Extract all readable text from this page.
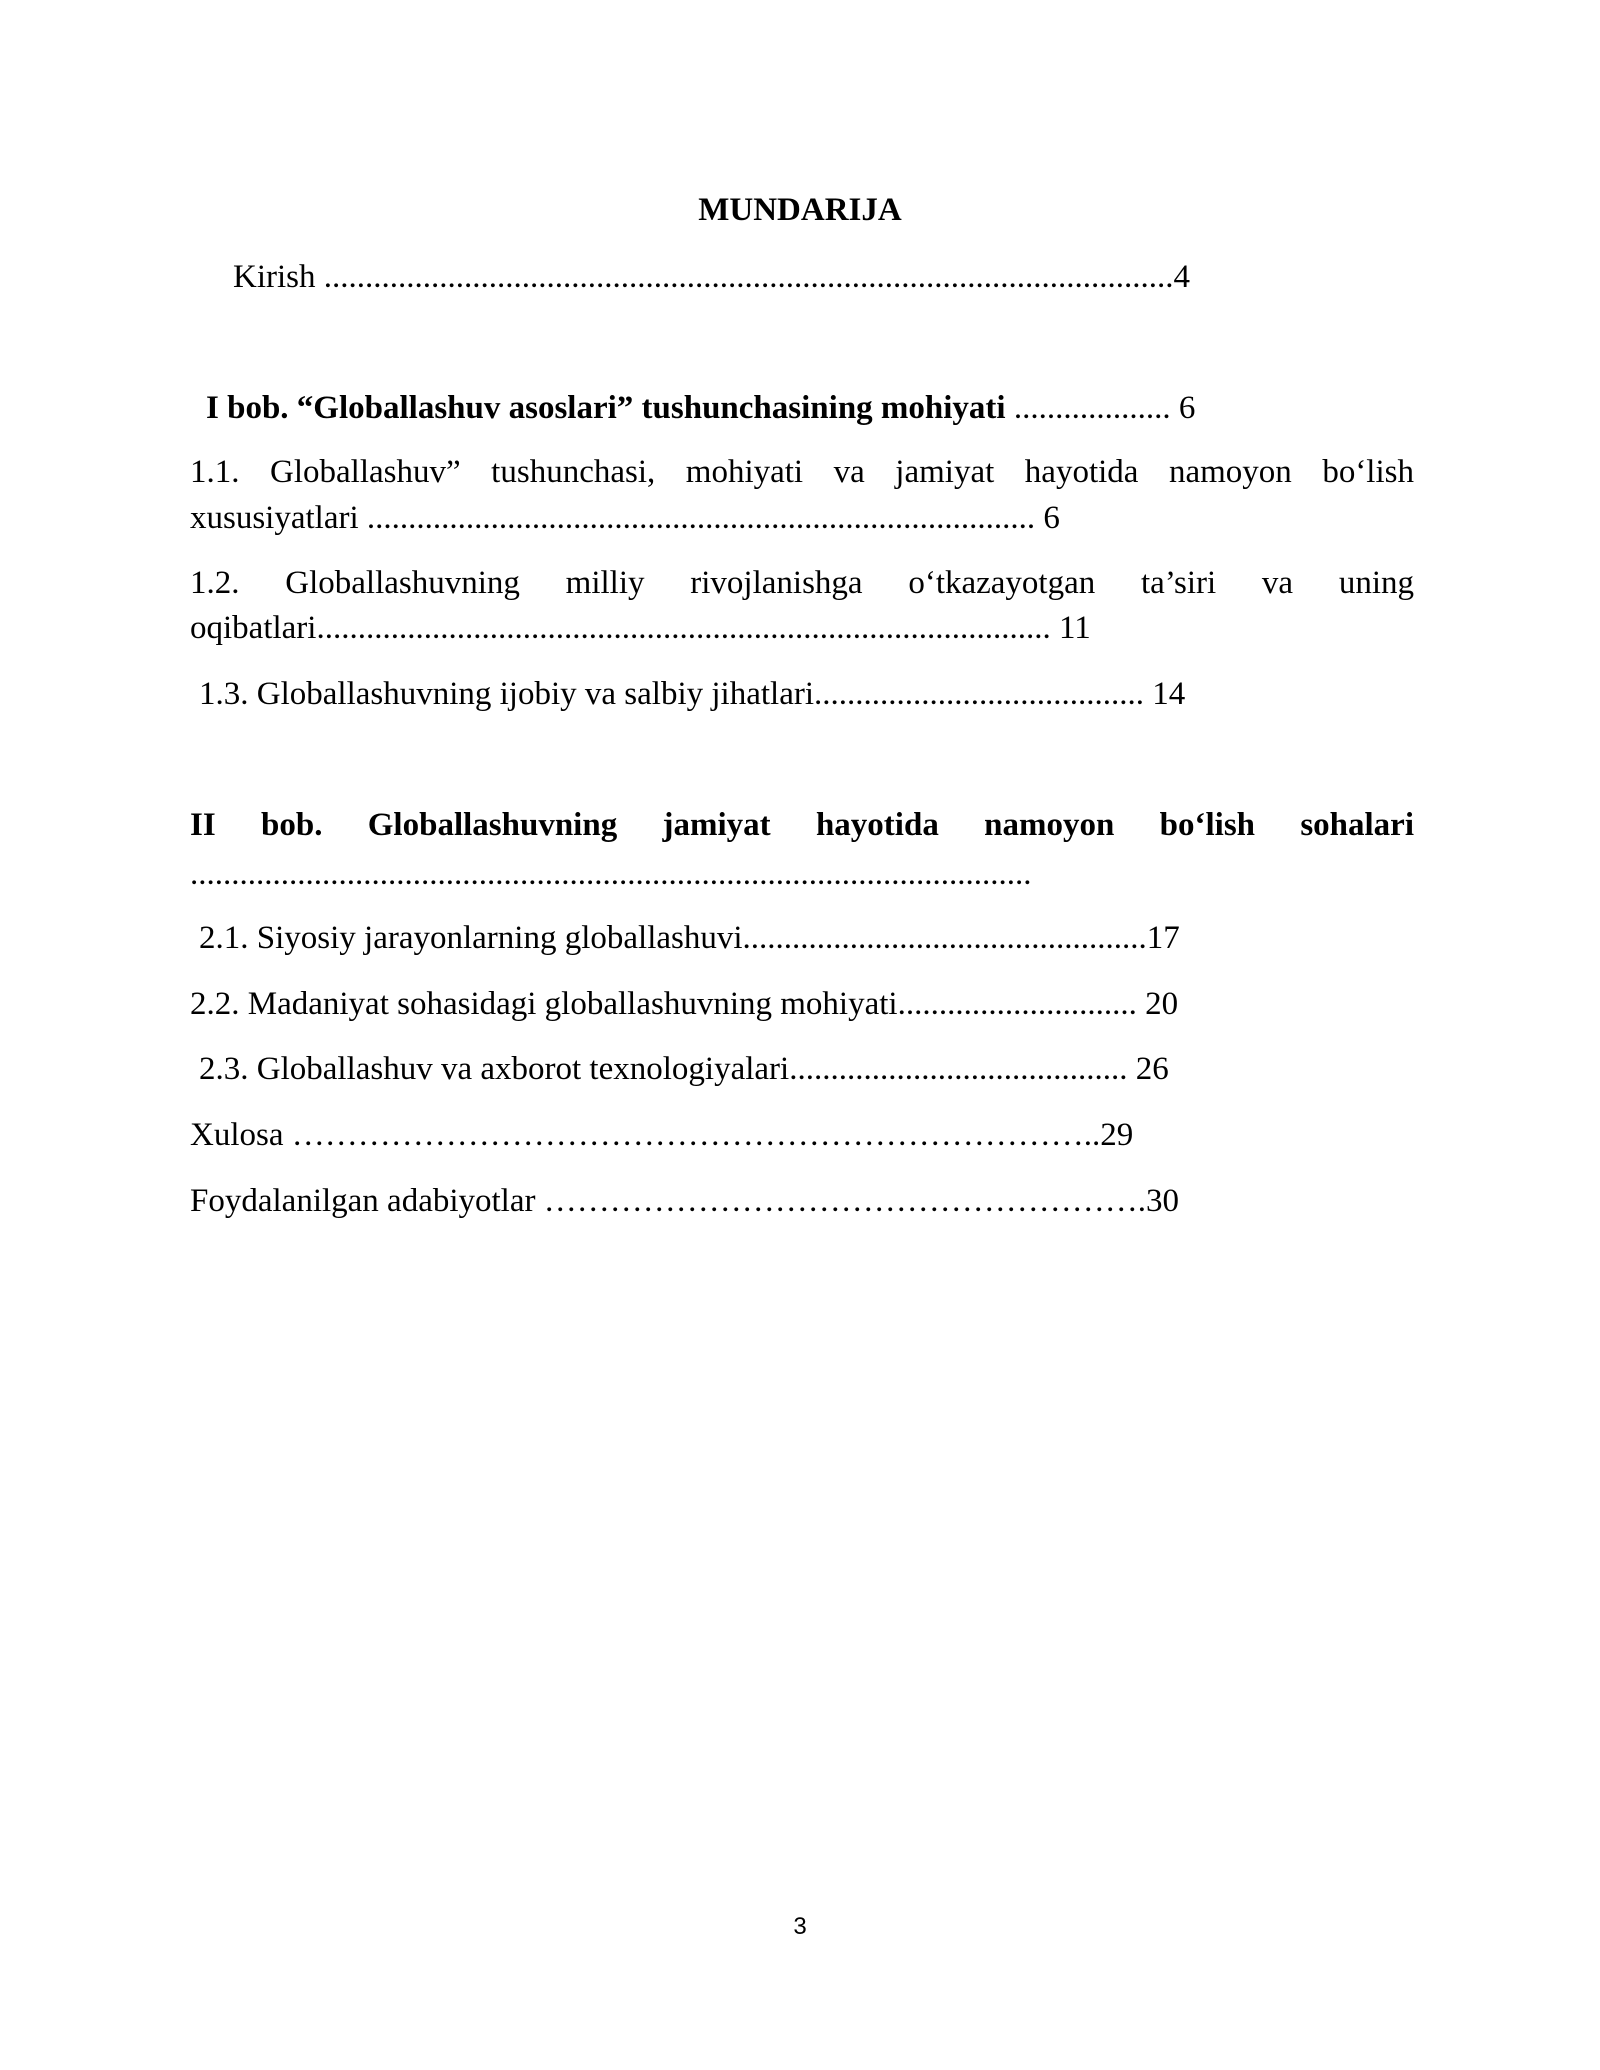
MUNDARIJA
Kirish .......................................................................................................4
I bob. “Globallashuv asoslari” tushunchasining mohiyati ................... 6
1.1. Globallashuv” tushunchasi, mohiyati va jamiyat hayotida namoyon bo‘lish
xususiyatlari ................................................................................. 6
1.2. Globallashuvning milliy rivojlanishga o‘tkazayotgan ta’siri va uning
oqibatlari......................................................................................... 11
1.3. Globallashuvning ijobiy va salbiy jihatlari........................................ 14
II bob. Globallashuvning jamiyat hayotida namoyon bo‘lish sohalari
......................................................................................................
2.1. Siyosiy jarayonlarning globallashuvi.................................................17
2.2. Madaniyat sohasidagi globallashuvning mohiyati............................. 20
2.3. Globallashuv va axborot texnologiyalari......................................... 26
Xulosa ………………………………………………………………..29
Foydalanilgan adabiyotlar ……………………………………………….30
3
